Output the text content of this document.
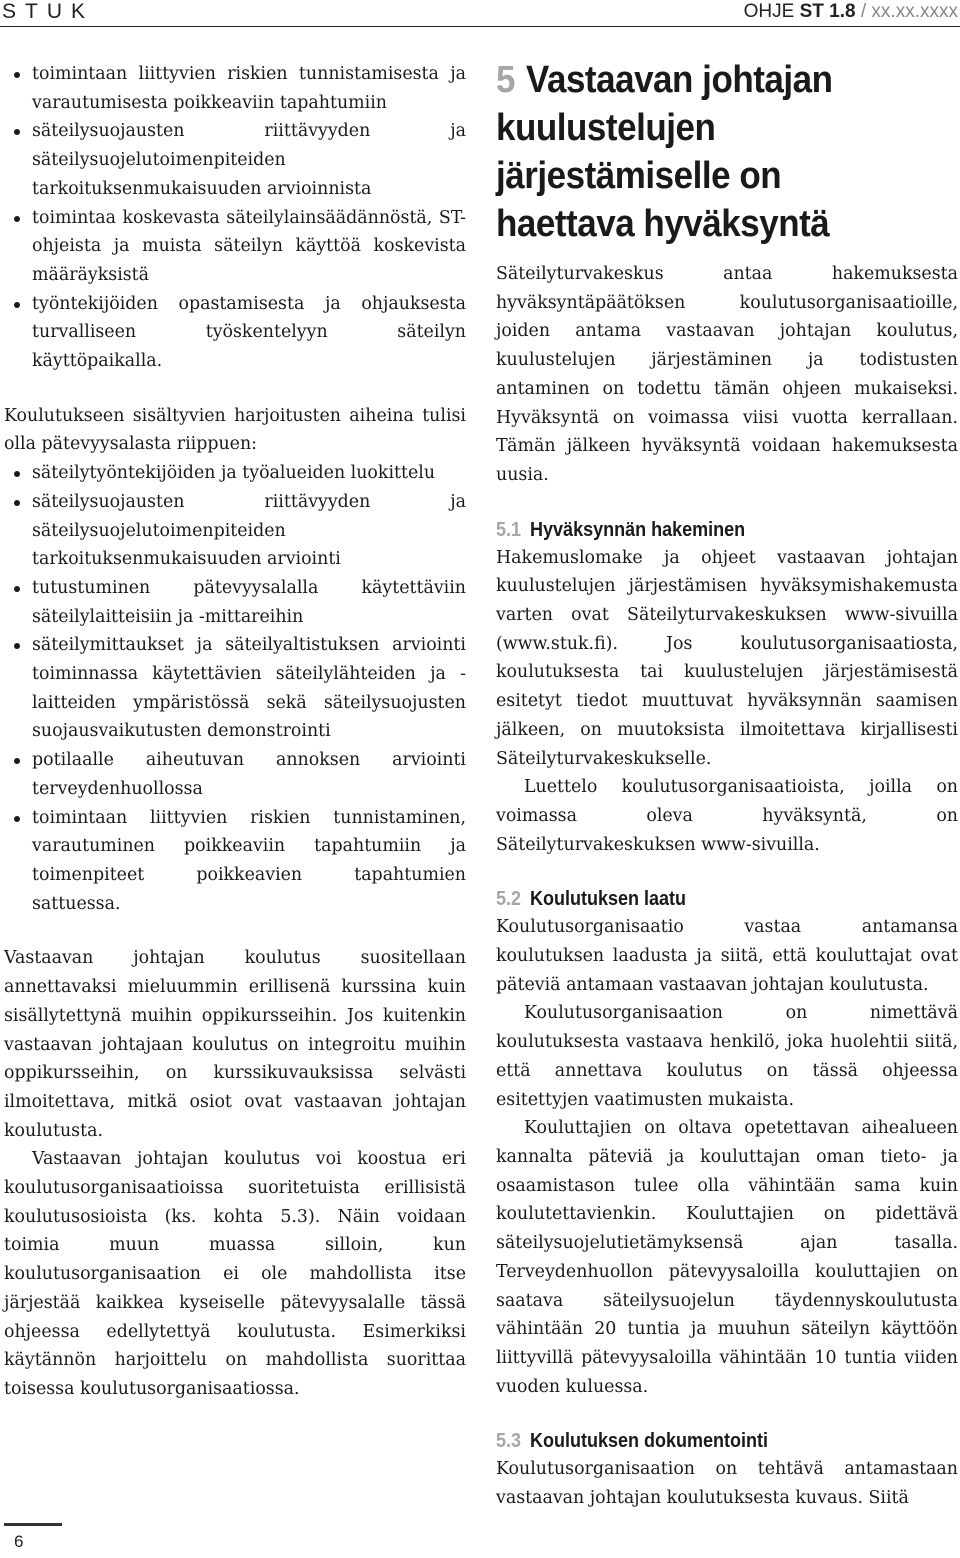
STUK	OHJE ST 1.8 / xx.xx.xxxx
toimintaan liittyvien riskien tunnistamisesta ja varautumisesta poikkeaviin tapahtumiin
säteilysuojausten riittävyyden ja säteilysuojelutoimenpiteiden tarkoituksenmukaisuuden arvioinnista
toimintaa koskevasta säteilylainsäädännöstä, ST-ohjeista ja muista säteilyn käyttöä koskevista määräyksistä
työntekijöiden opastamisesta ja ohjauksesta turvalliseen työskentelyyn säteilyn käyttöpaikalla.

Koulutukseen sisältyvien harjoitusten aiheina tulisi olla pätevyysalasta riippuen:

säteilytyöntekijöiden ja työalueiden luokittelu
säteilysuojausten riittävyyden ja säteilysuojelutoimenpiteiden tarkoituksenmukaisuuden arviointi
tutustuminen pätevyysalalla käytettäviin säteilylaitteisiin ja -mittareihin
säteilymittaukset ja säteilyaltistuksen arviointi toiminnassa käytettävien säteilylähteiden ja -laitteiden ympäristössä sekä säteilysuojusten suojausvaikutusten demonstrointi
potilaalle aiheutuvan annoksen arviointi terveydenhuollossa
toimintaan liittyvien riskien tunnistaminen, varautuminen poikkeaviin tapahtumiin ja toimenpiteet poikkeavien tapahtumien sattuessa.

Vastaavan johtajan koulutus suositellaan annettavaksi mieluummin erillisenä kurssina kuin sisällytettynä muihin oppikursseihin. Jos kuitenkin vastaavan johtajaan koulutus on integroitu muihin oppikursseihin, on kurssikuvauksissa selvästi ilmoitettava, mitkä osiot ovat vastaavan johtajan koulutusta.

Vastaavan johtajan koulutus voi koostua eri koulutusorganisaatioissa suoritetuista erillisistä koulutusosioista (ks. kohta 5.3). Näin voidaan toimia muun muassa silloin, kun koulutusorganisaation ei ole mahdollista itse järjestää kaikkea kyseiselle pätevyysalalle tässä ohjeessa edellytettyä koulutusta. Esimerkiksi käytännön harjoittelu on mahdollista suorittaa toisessa koulutusorganisaatiossa.

5 Vastaavan johtajan kuulustelujen järjestämiselle on haettava hyväksyntä

Säteilyturvakeskus antaa hakemuksesta hyväksyntäpäätöksen koulutusorganisaatioille, joiden antama vastaavan johtajan koulutus, kuulustelujen järjestäminen ja todistusten antaminen on todettu tämän ohjeen mukaiseksi. Hyväksyntä on voimassa viisi vuotta kerrallaan. Tämän jälkeen hyväksyntä voidaan hakemuksesta uusia.

5.1 Hyväksynnän hakeminen

Hakemuslomake ja ohjeet vastaavan johtajan kuulustelujen järjestämisen hyväksymishakemusta varten ovat Säteilyturvakeskuksen www-sivuilla (www.stuk.fi). Jos koulutusorganisaatiosta, koulutuksesta tai kuulustelujen järjestämisestä esitetyt tiedot muuttuvat hyväksynnän saamisen jälkeen, on muutoksista ilmoitettava kirjallisesti Säteilyturvakeskukselle.

Luettelo koulutusorganisaatioista, joilla on voimassa oleva hyväksyntä, on Säteilyturvakeskuksen www-sivuilla.

5.2 Koulutuksen laatu

Koulutusorganisaatio vastaa antamansa koulutuksen laadusta ja siitä, että kouluttajat ovat päteviä antamaan vastaavan johtajan koulutusta.

Koulutusorganisaation on nimettävä koulutuksesta vastaava henkilö, joka huolehtii siitä, että annettava koulutus on tässä ohjeessa esitettyjen vaatimusten mukaista.

Kouluttajien on oltava opetettavan aihealueen kannalta päteviä ja kouluttajan oman tieto- ja osaamistason tulee olla vähintään sama kuin koulutettavienkin. Kouluttajien on pidettävä säteilysuojelutietämyksensä ajan tasalla. Terveydenhuollon pätevyysaloilla kouluttajien on saatava säteilysuojelun täydennyskoulutusta vähintään 20 tuntia ja muuhun säteilyn käyttöön liittyvillä pätevyysaloilla vähintään 10 tuntia viiden vuoden kuluessa.

5.3 Koulutuksen dokumentointi

Koulutusorganisaation on tehtävä antamastaan vastaavan johtajan koulutuksesta kuvaus. Siitä

6
